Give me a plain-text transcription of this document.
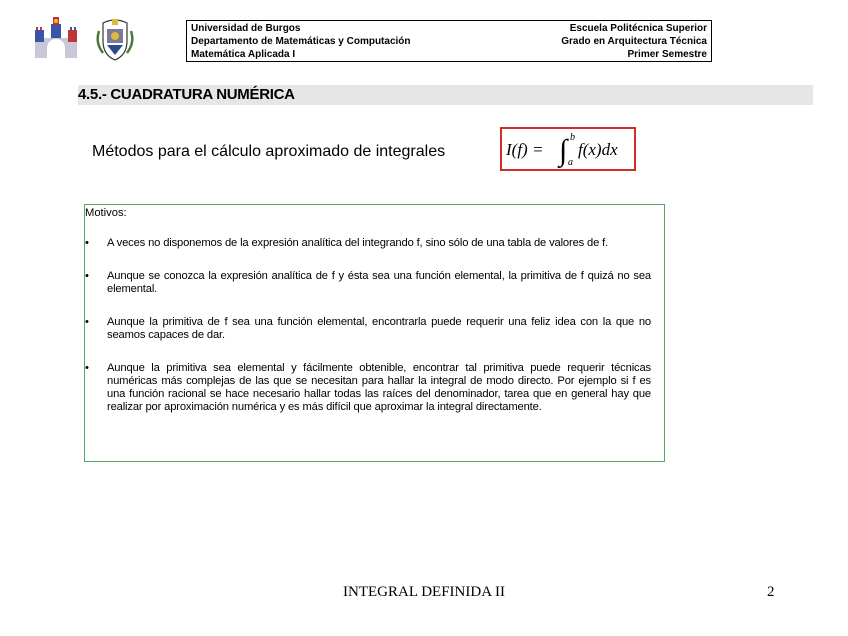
Universidad de Burgos	Escuela Politécnica Superior
Departamento de Matemáticas y Computación	Grado en Arquitectura Técnica
Matemática Aplicada I	Primer Semestre
4.5.- CUADRATURA NUMÉRICA
Métodos para el cálculo aproximado de integrales	I(f) = ∫ b
a
f(x)dx
Motivos:
• A veces no disponemos de la expresión analítica del integrando f, sino sólo de una tabla de valores de f.
• Aunque se conozca la expresión analítica de f y ésta sea una función elemental, la primitiva de f quizá no sea elemental.
• Aunque la primitiva de f sea una función elemental, encontrarla puede requerir una feliz idea con la que no seamos capaces de dar.
• Aunque la primitiva sea elemental y fácilmente obtenible, encontrar tal primitiva puede requerir técnicas numéricas más complejas de las que se necesitan para hallar la integral de modo directo. Por ejemplo si f es una función racional se hace necesario hallar todas las raíces del denominador, tarea que en general hay que realizar por aproximación numérica y es más difícil que aproximar la integral directamente.
INTEGRAL DEFINIDA II	2
